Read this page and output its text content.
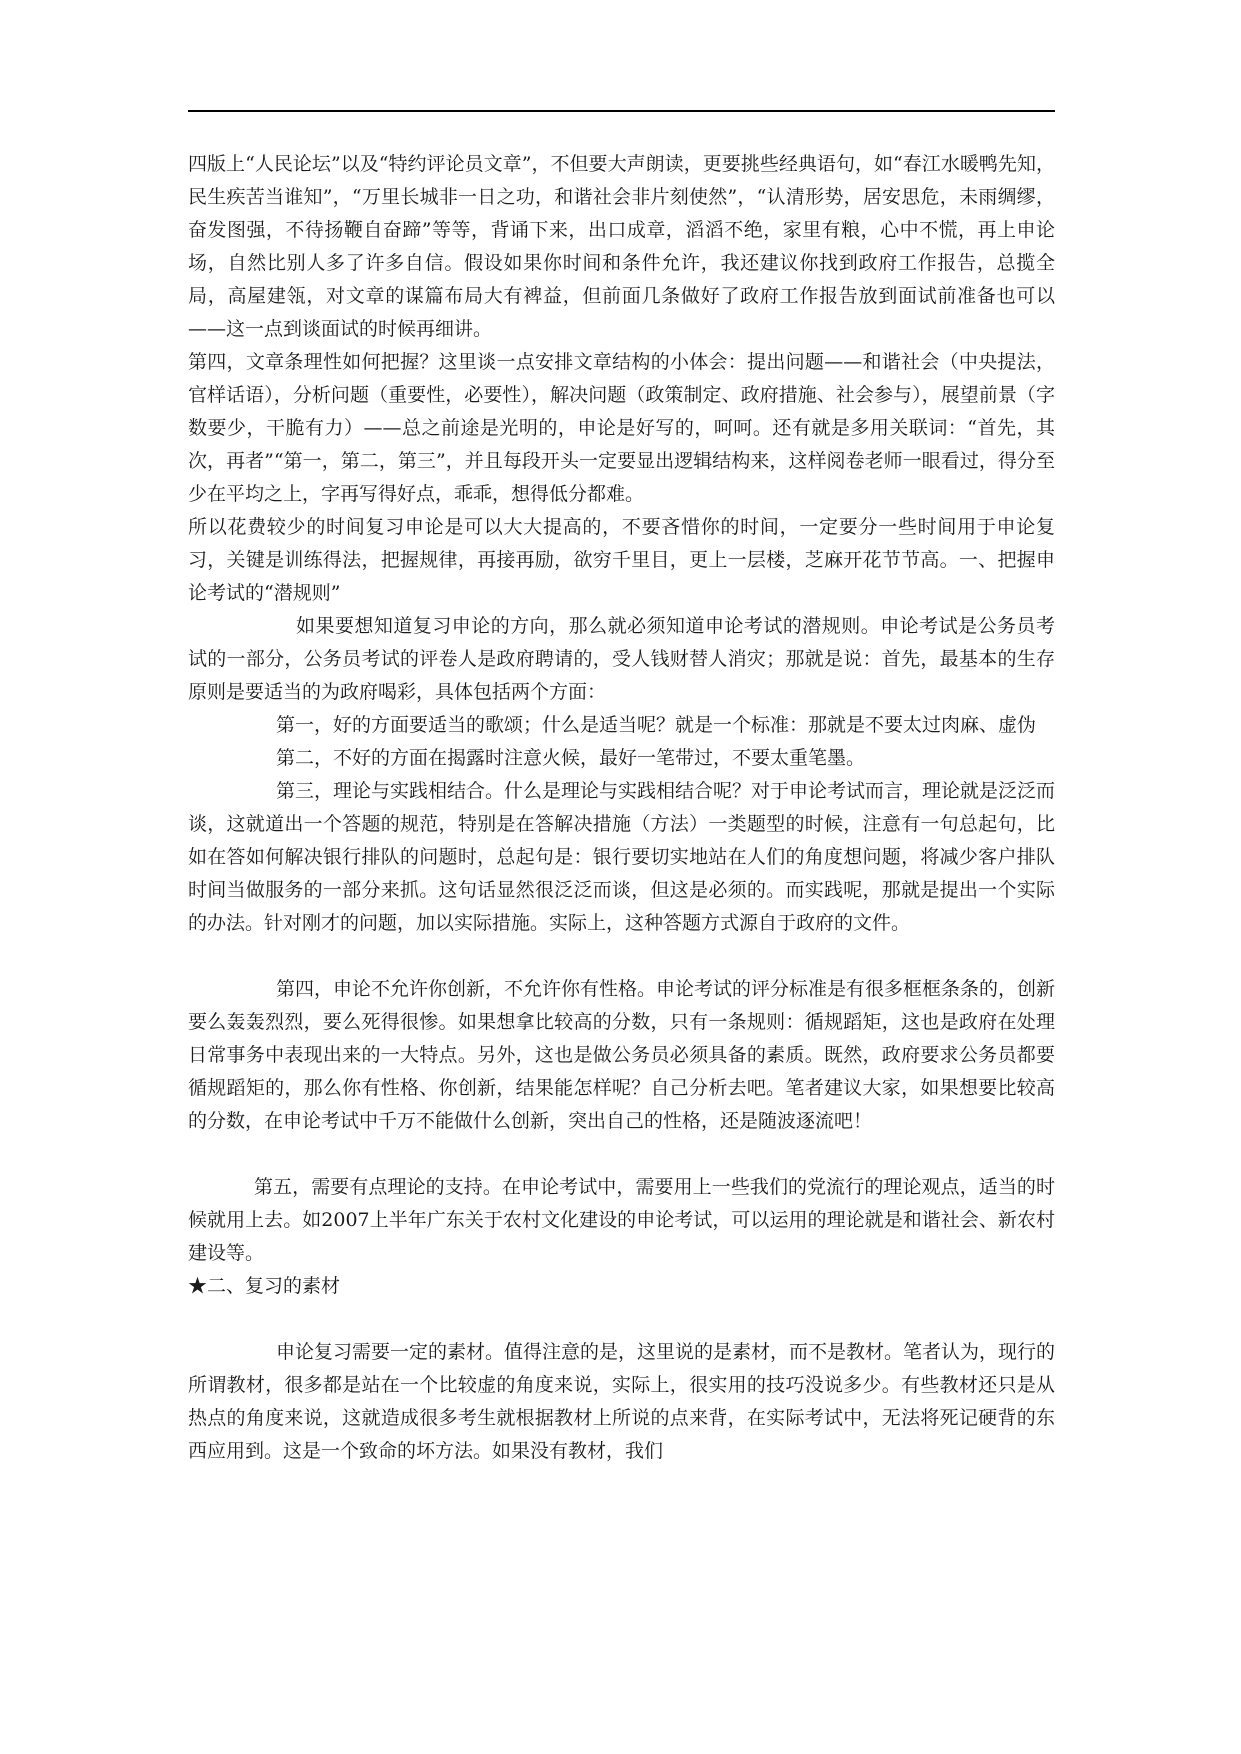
四版上“人民论坛”以及“特约评论员文章”，不但要大声朗读，更要挑些经典语句，如“春江水暖鸭先知，民生疾苦当谁知”，“万里长城非一日之功，和谐社会非片刻使然”，“认清形势，居安思危，未雨绸缪，奋发图强，不待扬鞭自奋蹄”等等，背诵下来，出口成章，滔滔不绝，家里有粮，心中不慌，再上申论场，自然比别人多了许多自信。假设如果你时间和条件允许，我还建议你找到政府工作报告，总揽全局，高屋建瓴，对文章的谋篇布局大有裨益，但前面几条做好了政府工作报告放到面试前准备也可以——这一点到谈面试的时候再细讲。

第四，文章条理性如何把握？这里谈一点安排文章结构的小体会：提出问题——和谐社会（中央提法，官样话语），分析问题（重要性，必要性），解决问题（政策制定、政府措施、社会参与），展望前景（字数要少，干脆有力）——总之前途是光明的，申论是好写的，呵呵。还有就是多用关联词：“首先，其次，再者”“第一，第二，第三”，并且每段开头一定要显出逻辑结构来，这样阅卷老师一眼看过，得分至少在平均之上，字再写得好点，乖乖，想得低分都难。

所以花费较少的时间复习申论是可以大大提高的，不要吝惜你的时间，一定要分一些时间用于申论复习，关键是训练得法，把握规律，再接再励，欲穷千里目，更上一层楼，芝麻开花节节高。一、把握申论考试的“潜规则”

如果要想知道复习申论的方向，那么就必须知道申论考试的潜规则。申论考试是公务员考试的一部分，公务员考试的评卷人是政府聘请的，受人钱财替人消灾；那就是说：首先，最基本的生存原则是要适当的为政府喝彩，具体包括两个方面：

第一，好的方面要适当的歌颂；什么是适当呢？就是一个标准：那就是不要太过肉麻、虚伪

第二，不好的方面在揭露时注意火候，最好一笔带过，不要太重笔墨。

第三，理论与实践相结合。什么是理论与实践相结合呢？对于申论考试而言，理论就是泛泛而谈，这就道出一个答题的规范，特别是在答解决措施（方法）一类题型的时候，注意有一句总起句，比如在答如何解决银行排队的问题时，总起句是：银行要切实地站在人们的角度想问题，将减少客户排队时间当做服务的一部分来抓。这句话显然很泛泛而谈，但这是必须的。而实践呢，那就是提出一个实际的办法。针对刚才的问题，加以实际措施。实际上，这种答题方式源自于政府的文件。

第四，申论不允许你创新，不允许你有性格。申论考试的评分标准是有很多框框条条的，创新要么轰轰烈烈，要么死得很惨。如果想拿比较高的分数，只有一条规则：循规蹈矩，这也是政府在处理日常事务中表现出来的一大特点。另外，这也是做公务员必须具备的素质。既然，政府要求公务员都要循规蹈矩的，那么你有性格、你创新，结果能怎样呢？自己分析去吧。笔者建议大家，如果想要比较高的分数，在申论考试中千万不能做什么创新，突出自己的性格，还是随波逐流吧！

第五，需要有点理论的支持。在申论考试中，需要用上一些我们的党流行的理论观点，适当的时候就用上去。如2007上半年广东关于农村文化建设的申论考试，可以运用的理论就是和谐社会、新农村建设等。

★二、复习的素材

申论复习需要一定的素材。值得注意的是，这里说的是素材，而不是教材。笔者认为，现行的所谓教材，很多都是站在一个比较虚的角度来说，实际上，很实用的技巧没说多少。有些教材还只是从热点的角度来说，这就造成很多考生就根据教材上所说的点来背，在实际考试中，无法将死记硬背的东西应用到。这是一个致命的坏方法。如果没有教材，我们
